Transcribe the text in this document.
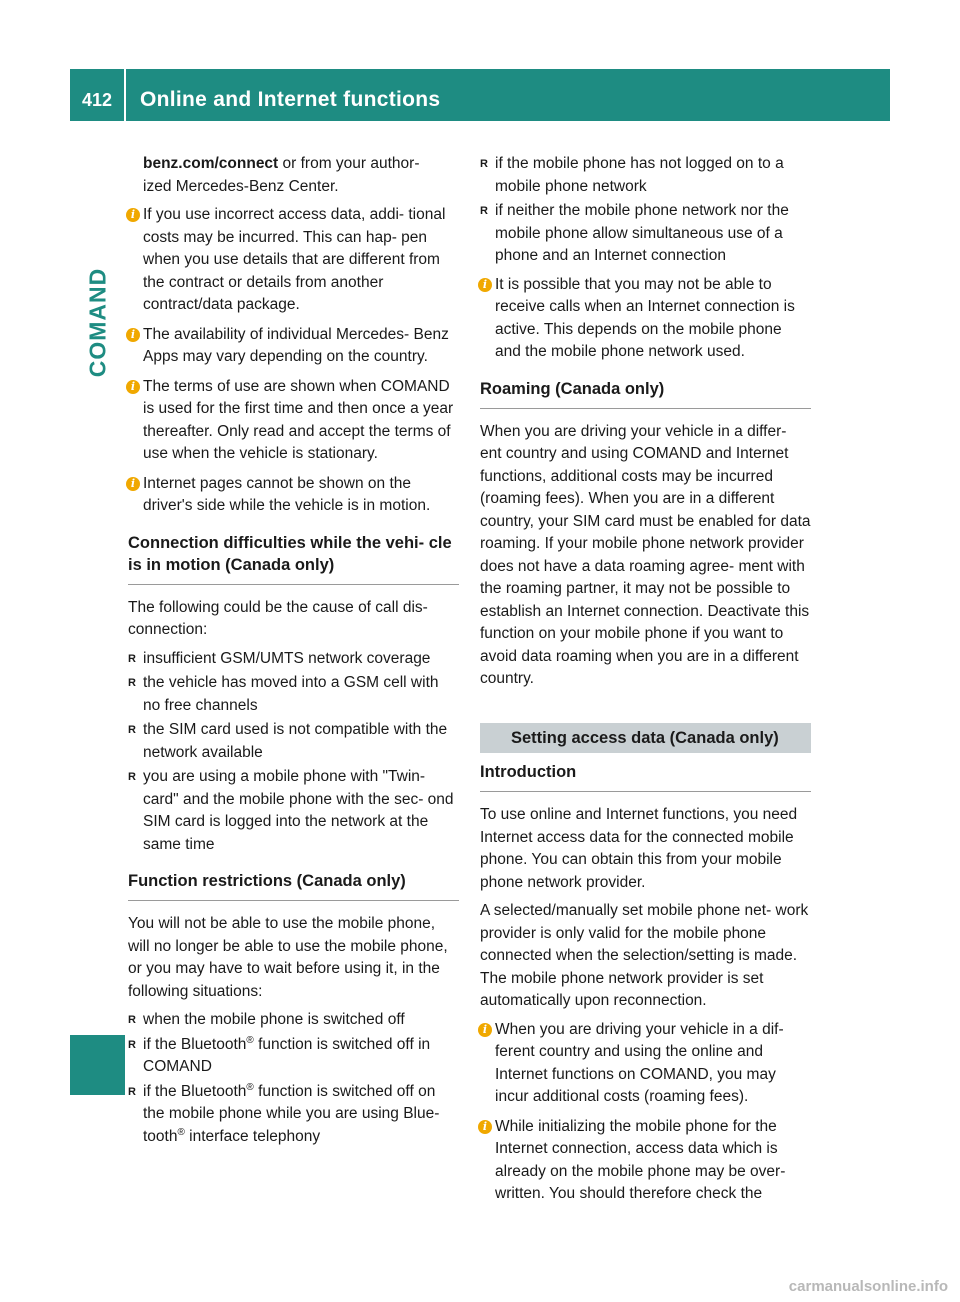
412 Online and Internet functions
COMAND

benz.com/connect or from your author-
ized Mercedes-Benz Center.

i If you use incorrect access data, addi- tional costs may be incurred. This can hap- pen when you use details that are different from the contract or details from another contract/data package.
i The availability of individual Mercedes- Benz Apps may vary depending on the country.
i The terms of use are shown when COMAND is used for the first time and then once a year thereafter. Only read and accept the terms of use when the vehicle is stationary.
i Internet pages cannot be shown on the driver's side while the vehicle is in motion.
Connection difficulties while the vehi- cle is in motion (Canada only)

The following could be the cause of call dis- connection:

R insufficient GSM/UMTS network coverage
R the vehicle has moved into a GSM cell with no free channels
R the SIM card used is not compatible with the network available
R you are using a mobile phone with "Twin- card" and the mobile phone with the sec- ond SIM card is logged into the network at the same time
Function restrictions (Canada only)

You will not be able to use the mobile phone, will no longer be able to use the mobile phone, or you may have to wait before using it, in the following situations:

R when the mobile phone is switched off
R if the Bluetooth® function is switched off in COMAND
R if the Bluetooth® function is switched off on the mobile phone while you are using Blue- tooth® interface telephony
R if the mobile phone has not logged on to a mobile phone network
R if neither the mobile phone network nor the mobile phone allow simultaneous use of a phone and an Internet connection
i It is possible that you may not be able to receive calls when an Internet connection is active. This depends on the mobile phone and the mobile phone network used.
Roaming (Canada only)

When you are driving your vehicle in a differ- ent country and using COMAND and Internet functions, additional costs may be incurred (roaming fees). When you are in a different country, your SIM card must be enabled for data roaming. If your mobile phone network provider does not have a data roaming agree- ment with the roaming partner, it may not be possible to establish an Internet connection. Deactivate this function on your mobile phone if you want to avoid data roaming when you are in a different country.

Setting access data (Canada only)
Introduction

To use online and Internet functions, you need Internet access data for the connected mobile phone. You can obtain this from your mobile phone network provider.

A selected/manually set mobile phone net- work provider is only valid for the mobile phone connected when the selection/setting is made. The mobile phone network provider is set automatically upon reconnection.

i When you are driving your vehicle in a dif- ferent country and using the online and Internet functions on COMAND, you may incur additional costs (roaming fees).
i While initializing the mobile phone for the Internet connection, access data which is already on the mobile phone may be over- written. You should therefore check the
carmanualsonline.info
